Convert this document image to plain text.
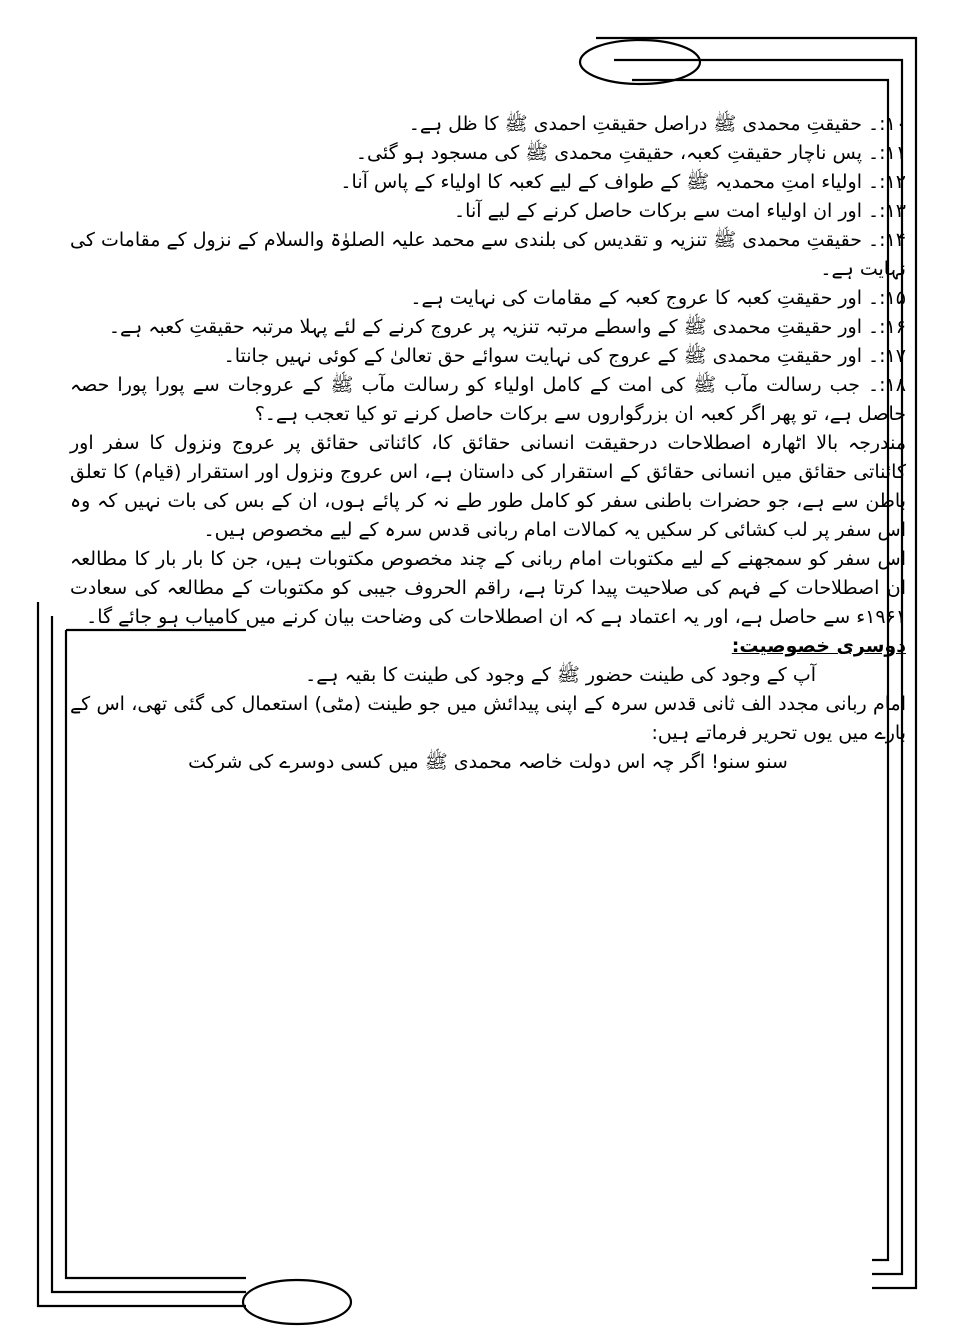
۱۰:۔ حقیقتِ محمدی ﷺ دراصل حقیقتِ احمدی ﷺ کا ظل ہے۔

۱۱:۔ پس ناچار حقیقتِ کعبہ، حقیقتِ محمدی ﷺ کی مسجود ہو گئی۔

۱۲:۔ اولیاء امتِ محمدیہ ﷺ کے طواف کے لیے کعبہ کا اولیاء کے پاس آنا۔

۱۳:۔ اور ان اولیاء امت سے برکات حاصل کرنے کے لیے آنا۔

۱۴:۔ حقیقتِ محمدی ﷺ تنزیہ و تقدیس کی بلندی سے محمد علیہ الصلوٰۃ والسلام کے نزول کے مقامات کی نہایت ہے۔

۱۵:۔ اور حقیقتِ کعبہ کا عروج کعبہ کے مقامات کی نہایت ہے۔

۱۶:۔ اور حقیقتِ محمدی ﷺ کے واسطے مرتبہ تنزیہ پر عروج کرنے کے لئے پہلا مرتبہ حقیقتِ کعبہ ہے۔

۱۷:۔ اور حقیقتِ محمدی ﷺ کے عروج کی نہایت سوائے حق تعالیٰ کے کوئی نہیں جانتا۔

۱۸:۔ جب رسالت مآب ﷺ کی امت کے کامل اولیاء کو رسالت مآب ﷺ کے عروجات سے پورا پورا حصہ حاصل ہے، تو پھر اگر کعبہ ان بزرگواروں سے برکات حاصل کرنے تو کیا تعجب ہے۔؟

مندرجہ بالا اٹھارہ اصطلاحات درحقیقت انسانی حقائق کا، کائناتی حقائق پر عروج ونزول کا سفر اور کائناتی حقائق میں انسانی حقائق کے استقرار کی داستان ہے، اس عروج ونزول اور استقرار (قیام) کا تعلق باطن سے ہے، جو حضرات باطنی سفر کو کامل طور طے نہ کر پائے ہوں، ان کے بس کی بات نہیں کہ وہ اس سفر پر لب کشائی کر سکیں یہ کمالات امام ربانی قدس سرہ کے لیے مخصوص ہیں۔

اس سفر کو سمجھنے کے لیے مکتوبات امام ربانی کے چند مخصوص مکتوبات ہیں، جن کا بار بار کا مطالعہ ان اصطلاحات کے فہم کی صلاحیت پیدا کرتا ہے، راقم الحروف جیبی کو مکتوبات کے مطالعہ کی سعادت ۱۹۶۱ء سے حاصل ہے، اور یہ اعتماد ہے کہ ان اصطلاحات کی وضاحت بیان کرنے میں کامیاب ہو جائے گا۔

دوسری خصوصیت:

آپ کے وجود کی طینت حضور ﷺ کے وجود کی طینت کا بقیہ ہے۔

امام ربانی مجدد الف ثانی قدس سرہ کے اپنی پیدائش میں جو طینت (مٹی) استعمال کی گئی تھی، اس کے بارے میں یوں تحریر فرماتے ہیں:

سنو سنو! اگر چہ اس دولت خاصہ محمدی ﷺ میں کسی دوسرے کی شرکت
